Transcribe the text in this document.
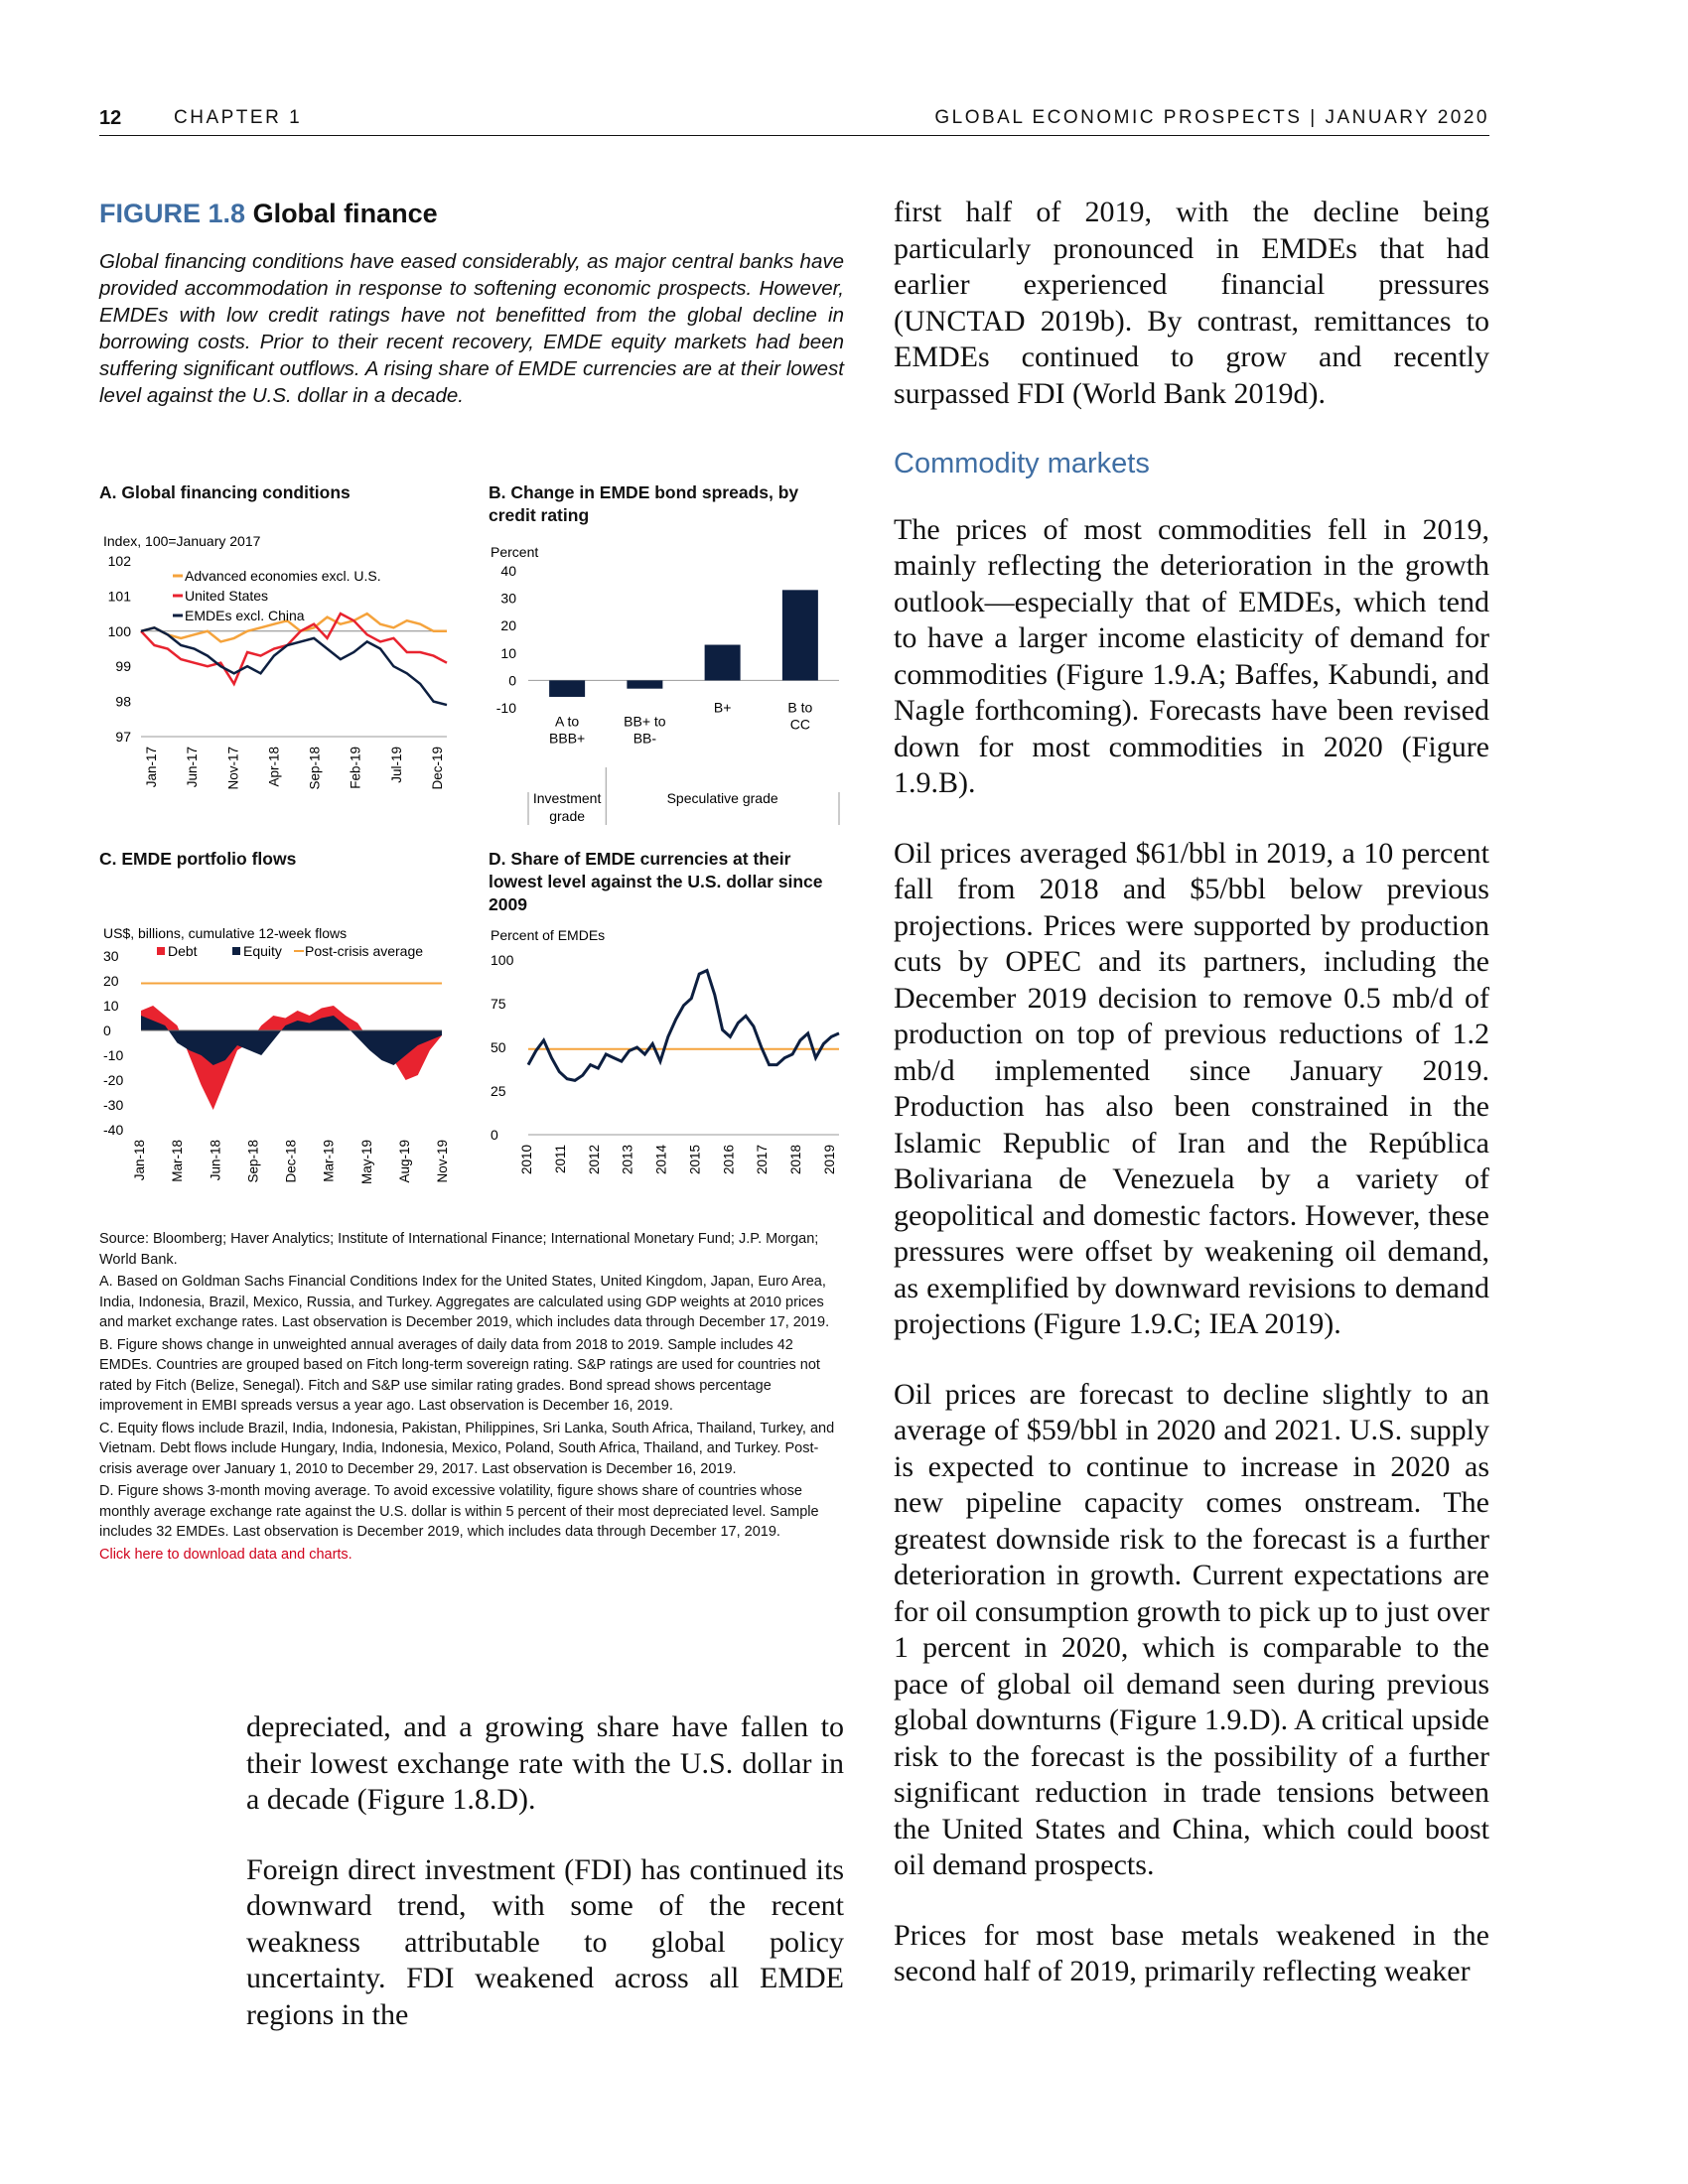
12	CHAPTER 1	GLOBAL ECONOMIC PROSPECTS | JANUARY 2020
FIGURE 1.8 Global finance
Global financing conditions have eased considerably, as major central banks have provided accommodation in response to softening economic prospects. However, EMDEs with low credit ratings have not benefitted from the global decline in borrowing costs. Prior to their recent recovery, EMDE equity markets had been suffering significant outflows. A rising share of EMDE currencies are at their lowest level against the U.S. dollar in a decade.
A. Global financing conditions	B. Change in EMDE bond spreads, by credit rating
C. EMDE portfolio flows	D. Share of EMDE currencies at their lowest level against the U.S. dollar since 2009
Index, 100=January 2017
102
101
100
99
98
97
Advanced economies excl. U.S.
United States
EMDEs excl. China
Jan-17 Jun-17 Nov-17 Apr-18 Sep-18 Feb-19 Jul-19 Dec-19
Percent
40
30
20
10
0
-10
A to
BBB+
BB+ to
BB-
B+	B to
CC
Investment
grade
Speculative grade
US$, billions, cumulative 12-week flows
30
20
10
0
-10
-20
-30
-40
Debt	Equity Post-crisis average
Jan-18 Mar-18 Jun-18 Sep-18 Dec-18 Mar-19 May-19 Aug-19 Nov-19
Percent of EMDEs
100
75
50
25
0
2010 2011 2012 2013 2014 2015 2016 2017 2018 2019

Source: Bloomberg; Haver Analytics; Institute of International Finance; International Monetary Fund; J.P. Morgan; World Bank.

A. Based on Goldman Sachs Financial Conditions Index for the United States, United Kingdom, Japan, Euro Area, India, Indonesia, Brazil, Mexico, Russia, and Turkey. Aggregates are calculated using GDP weights at 2010 prices and market exchange rates. Last observation is December 2019, which includes data through December 17, 2019.

B. Figure shows change in unweighted annual averages of daily data from 2018 to 2019. Sample includes 42 EMDEs. Countries are grouped based on Fitch long-term sovereign rating. S&P ratings are used for countries not rated by Fitch (Belize, Senegal). Fitch and S&P use similar rating grades. Bond spread shows percentage improvement in EMBI spreads versus a year ago. Last observation is December 16, 2019.

C. Equity flows include Brazil, India, Indonesia, Pakistan, Philippines, Sri Lanka, South Africa, Thailand, Turkey, and Vietnam. Debt flows include Hungary, India, Indonesia, Mexico, Poland, South Africa, Thailand, and Turkey. Post-crisis average over January 1, 2010 to December 29, 2017. Last observation is December 16, 2019.

D. Figure shows 3-month moving average. To avoid excessive volatility, figure shows share of countries whose monthly average exchange rate against the U.S. dollar is within 5 percent of their most depreciated level. Sample includes 32 EMDEs. Last observation is December 2019, which includes data through December 17, 2019.

Click here to download data and charts.

depreciated, and a growing share have fallen to their lowest exchange rate with the U.S. dollar in a decade (Figure 1.8.D).

Foreign direct investment (FDI) has continued its downward trend, with some of the recent weakness attributable to global policy uncertainty. FDI weakened across all EMDE regions in the

first half of 2019, with the decline being particularly pronounced in EMDEs that had earlier experienced financial pressures (UNCTAD 2019b). By contrast, remittances to EMDEs continued to grow and recently surpassed FDI (World Bank 2019d).

Commodity markets

The prices of most commodities fell in 2019, mainly reflecting the deterioration in the growth outlook—especially that of EMDEs, which tend to have a larger income elasticity of demand for commodities (Figure 1.9.A; Baffes, Kabundi, and Nagle forthcoming). Forecasts have been revised down for most commodities in 2020 (Figure 1.9.B).

Oil prices averaged $61/bbl in 2019, a 10 percent fall from 2018 and $5/bbl below previous projections. Prices were supported by production cuts by OPEC and its partners, including the December 2019 decision to remove 0.5 mb/d of production on top of previous reductions of 1.2 mb/d implemented since January 2019. Production has also been constrained in the Islamic Republic of Iran and the República Bolivariana de Venezuela by a variety of geopolitical and domestic factors. However, these pressures were offset by weakening oil demand, as exemplified by downward revisions to demand projections (Figure 1.9.C; IEA 2019).

Oil prices are forecast to decline slightly to an average of $59/bbl in 2020 and 2021. U.S. supply is expected to continue to increase in 2020 as new pipeline capacity comes onstream. The greatest downside risk to the forecast is a further deterioration in growth. Current expectations are for oil consumption growth to pick up to just over 1 percent in 2020, which is comparable to the pace of global oil demand seen during previous global downturns (Figure 1.9.D). A critical upside risk to the forecast is the possibility of a further significant reduction in trade tensions between the United States and China, which could boost oil demand prospects.

Prices for most base metals weakened in the second half of 2019, primarily reflecting weaker
